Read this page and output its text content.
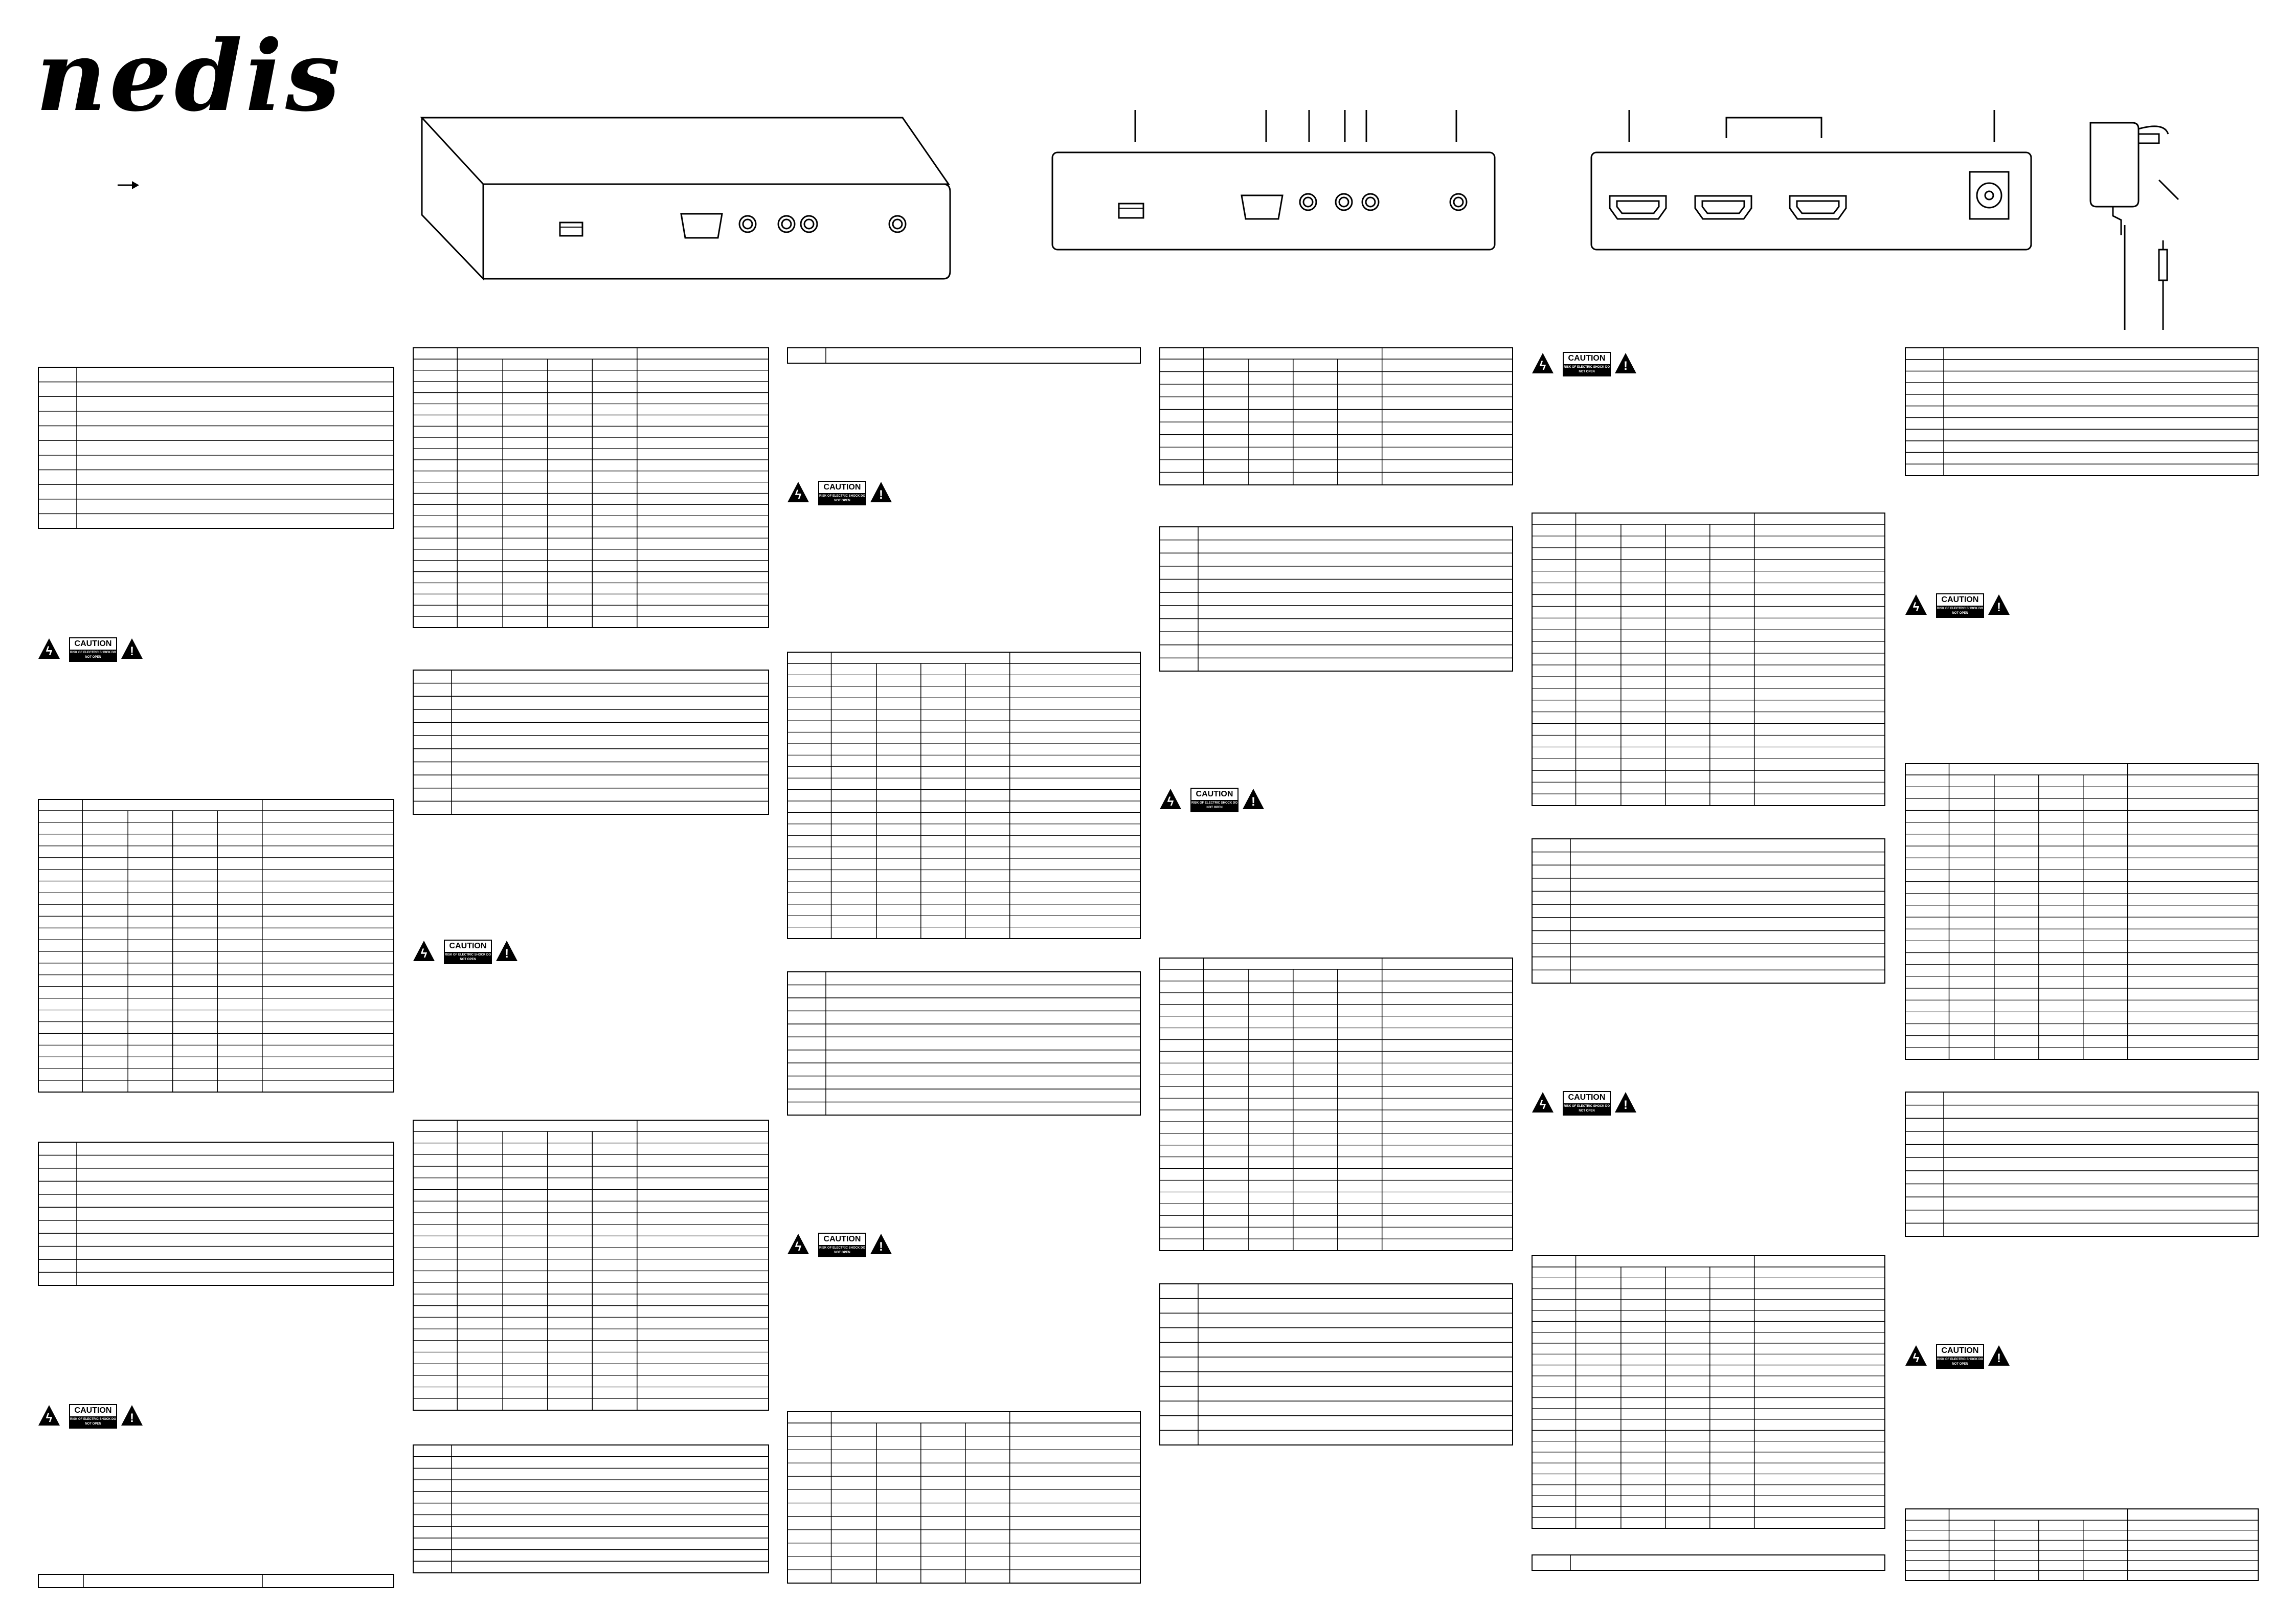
nedis
ϟ
CAUTION
RISK OF ELECTRIC SHOCK DO NOT OPEN	!
ϟ
CAUTION
RISK OF ELECTRIC SHOCK DO NOT OPEN	!
ϟ
CAUTION
RISK OF ELECTRIC SHOCK DO NOT OPEN	!
ϟ
CAUTION
RISK OF ELECTRIC SHOCK DO NOT OPEN	!
ϟ
CAUTION
RISK OF ELECTRIC SHOCK DO NOT OPEN	!
ϟ
CAUTION
RISK OF ELECTRIC SHOCK DO NOT OPEN	!
ϟ
CAUTION
RISK OF ELECTRIC SHOCK DO NOT OPEN	!
ϟ
CAUTION
RISK OF ELECTRIC SHOCK DO NOT OPEN	!
ϟ
CAUTION
RISK OF ELECTRIC SHOCK DO NOT OPEN	!
ϟ
CAUTION
RISK OF ELECTRIC SHOCK DO NOT OPEN	!
